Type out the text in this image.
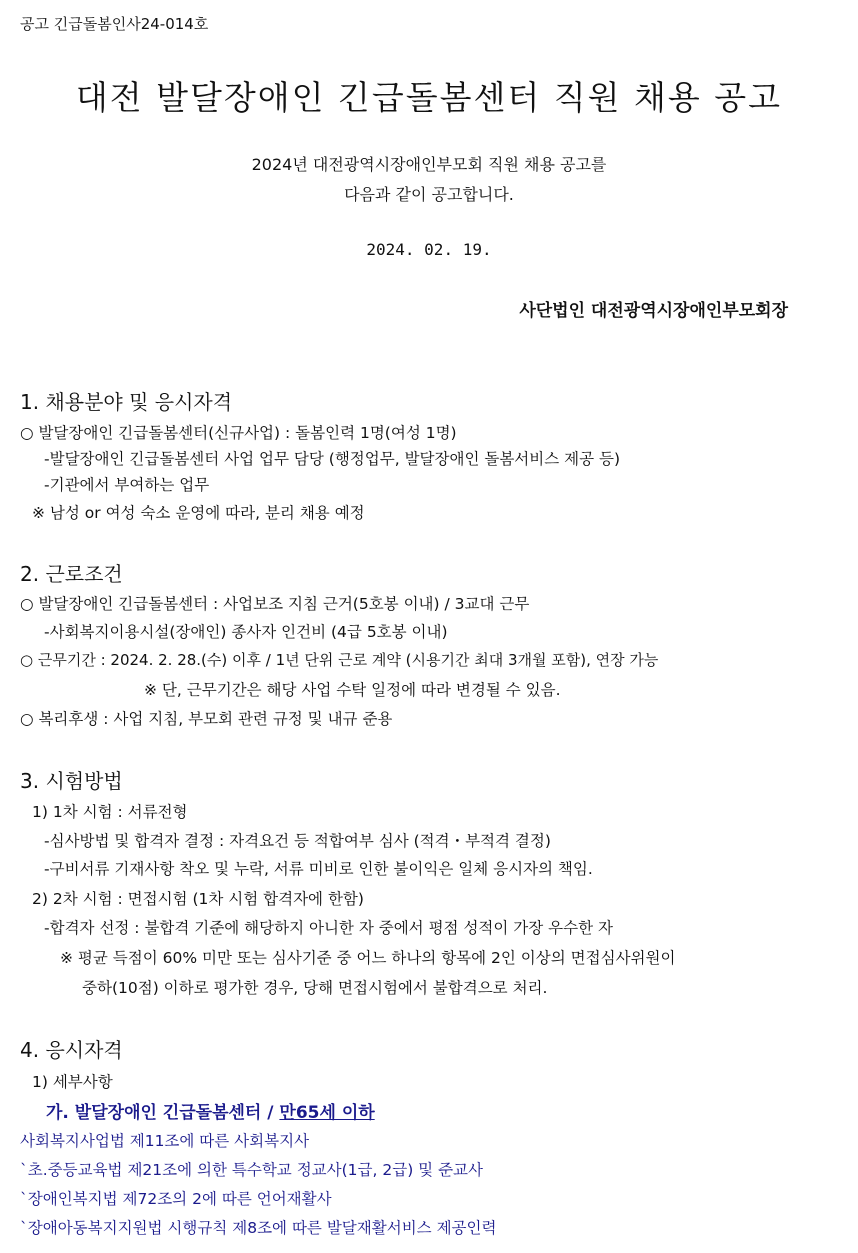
공고 긴급돌봄인사24-014호
대전 발달장애인 긴급돌봄센터 직원 채용 공고
2024년 대전광역시장애인부모회 직원 채용 공고를
다음과 같이 공고합니다.
2024. 02. 19.
사단법인 대전광역시장애인부모회장
1. 채용분야 및 응시자격
○ 발달장애인 긴급돌봄센터(신규사업) : 돌봄인력 1명(여성 1명)
-발달장애인 긴급돌봄센터 사업 업무 담당 (행정업무, 발달장애인 돌봄서비스 제공 등)
-기관에서 부여하는 업무
※ 남성 or 여성 숙소 운영에 따라, 분리 채용 예정
2. 근로조건
○ 발달장애인 긴급돌봄센터 : 사업보조 지침 근거(5호봉 이내) / 3교대 근무
-사회복지이용시설(장애인) 종사자 인건비 (4급 5호봉 이내)
○ 근무기간 : 2024. 2. 28.(수) 이후 / 1년 단위 근로 계약 (시용기간 최대 3개월 포함), 연장 가능
※ 단, 근무기간은 해당 사업 수탁 일정에 따라 변경될 수 있음.
○ 복리후생 : 사업 지침, 부모회 관련 규정 및 내규 준용
3. 시험방법
1) 1차 시험 : 서류전형
-심사방법 및 합격자 결정 : 자격요건 등 적합여부 심사 (적격・부적격 결정)
-구비서류 기재사항 착오 및 누락, 서류 미비로 인한 불이익은 일체 응시자의 책임.
2) 2차 시험 : 면접시험 (1차 시험 합격자에 한함)
-합격자 선정 : 불합격 기준에 해당하지 아니한 자 중에서 평점 성적이 가장 우수한 자
※ 평균 득점이 60% 미만 또는 심사기준 중 어느 하나의 항목에 2인 이상의 면접심사위원이
중하(10점) 이하로 평가한 경우, 당해 면접시험에서 불합격으로 처리.
4. 응시자격
1) 세부사항
가. 발달장애인 긴급돌봄센터 / 만65세 이하
사회복지사업법 제11조에 따른 사회복지사
`초.중등교육법 제21조에 의한 특수학교 정교사(1급, 2급) 및 준교사
`장애인복지법 제72조의 2에 따른 언어재활사
`장애아동복지지원법 시행규칙 제8조에 따른 발달재활서비스 제공인력
